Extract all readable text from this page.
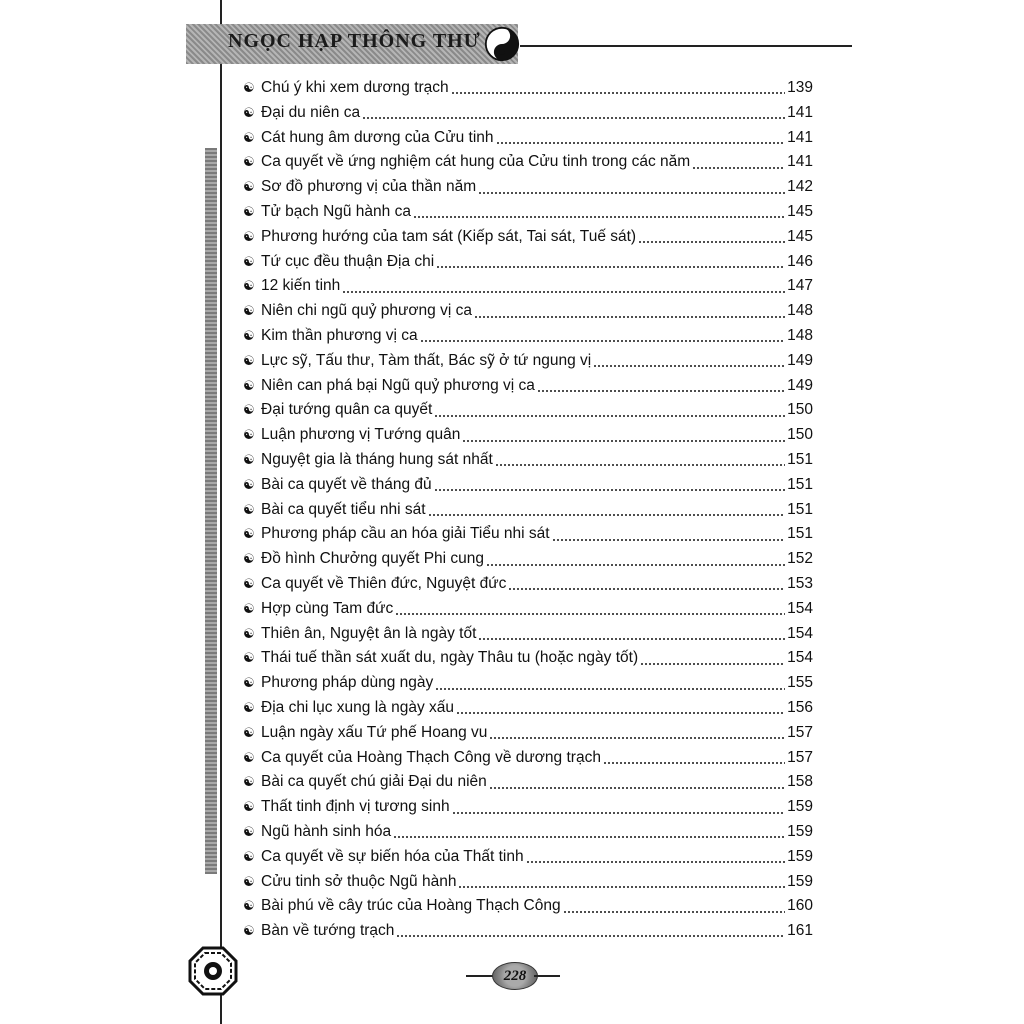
NGỌC HẠP THÔNG THƯ
☯ Chú ý khi xem dương trạch	139
☯ Đại du niên ca	141
☯ Cát hung âm dương của Cửu tinh	141
☯ Ca quyết về ứng nghiệm cát hung của Cửu tinh trong các năm	141
☯ Sơ đồ phương vị của thần năm	142
☯ Tử bạch Ngũ hành ca	145
☯ Phương hướng của tam sát (Kiếp sát, Tai sát, Tuế sát)	145
☯ Tứ cục đều thuận Địa chi	146
☯ 12 kiến tinh	147
☯ Niên chi ngũ quỷ phương vị ca	148
☯ Kim thần phương vị ca	148
☯ Lực sỹ, Tấu thư, Tàm thất, Bác sỹ ở tứ ngung vị	149
☯ Niên can phá bại Ngũ quỷ phương vị ca	149
☯ Đại tướng quân ca quyết	150
☯ Luận phương vị Tướng quân	150
☯ Nguyệt gia là tháng hung sát nhất	151
☯ Bài ca quyết về tháng đủ	151
☯ Bài ca quyết tiểu nhi sát	151
☯ Phương pháp cầu an hóa giải Tiểu nhi sát	151
☯ Đồ hình Chưởng quyết Phi cung	152
☯ Ca quyết về Thiên đức, Nguyệt đức	153
☯ Hợp cùng Tam đức	154
☯ Thiên ân, Nguyệt ân là ngày tốt	154
☯ Thái tuế thần sát xuất du, ngày Thâu tu (hoặc ngày tốt)	154
☯ Phương pháp dùng ngày	155
☯ Địa chi lục xung là ngày xấu	156
☯ Luận ngày xấu Tứ phế Hoang vu	157
☯ Ca quyết của Hoàng Thạch Công về dương trạch	157
☯ Bài ca quyết chú giải Đại du niên	158
☯ Thất tinh định vị tương sinh	159
☯ Ngũ hành sinh hóa	159
☯ Ca quyết về sự biến hóa của Thất tinh	159
☯ Cửu tinh sở thuộc Ngũ hành	159
☯ Bài phú về cây trúc của Hoàng Thạch Công	160
☯ Bàn về tướng trạch	161
228
